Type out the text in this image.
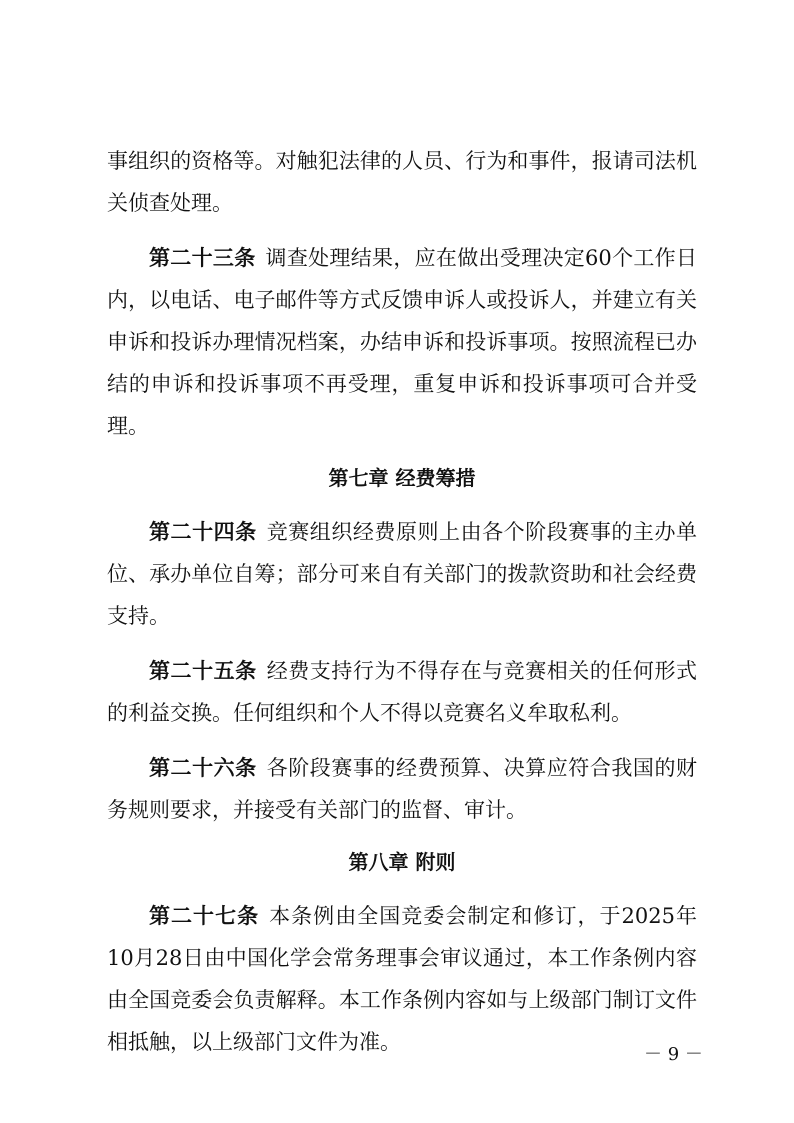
事组织的资格等。对触犯法律的人员、行为和事件，报请司法机关侦查处理。

第二十三条 调查处理结果，应在做出受理决定60个工作日内，以电话、电子邮件等方式反馈申诉人或投诉人，并建立有关申诉和投诉办理情况档案，办结申诉和投诉事项。按照流程已办结的申诉和投诉事项不再受理，重复申诉和投诉事项可合并受理。

第七章 经费筹措

第二十四条 竞赛组织经费原则上由各个阶段赛事的主办单位、承办单位自筹；部分可来自有关部门的拨款资助和社会经费支持。

第二十五条 经费支持行为不得存在与竞赛相关的任何形式的利益交换。任何组织和个人不得以竞赛名义牟取私利。

第二十六条 各阶段赛事的经费预算、决算应符合我国的财务规则要求，并接受有关部门的监督、审计。

第八章 附则

第二十七条 本条例由全国竞委会制定和修订，于2025年10月28日由中国化学会常务理事会审议通过，本工作条例内容由全国竞委会负责解释。本工作条例内容如与上级部门制订文件相抵触，以上级部门文件为准。

－ 9 －
